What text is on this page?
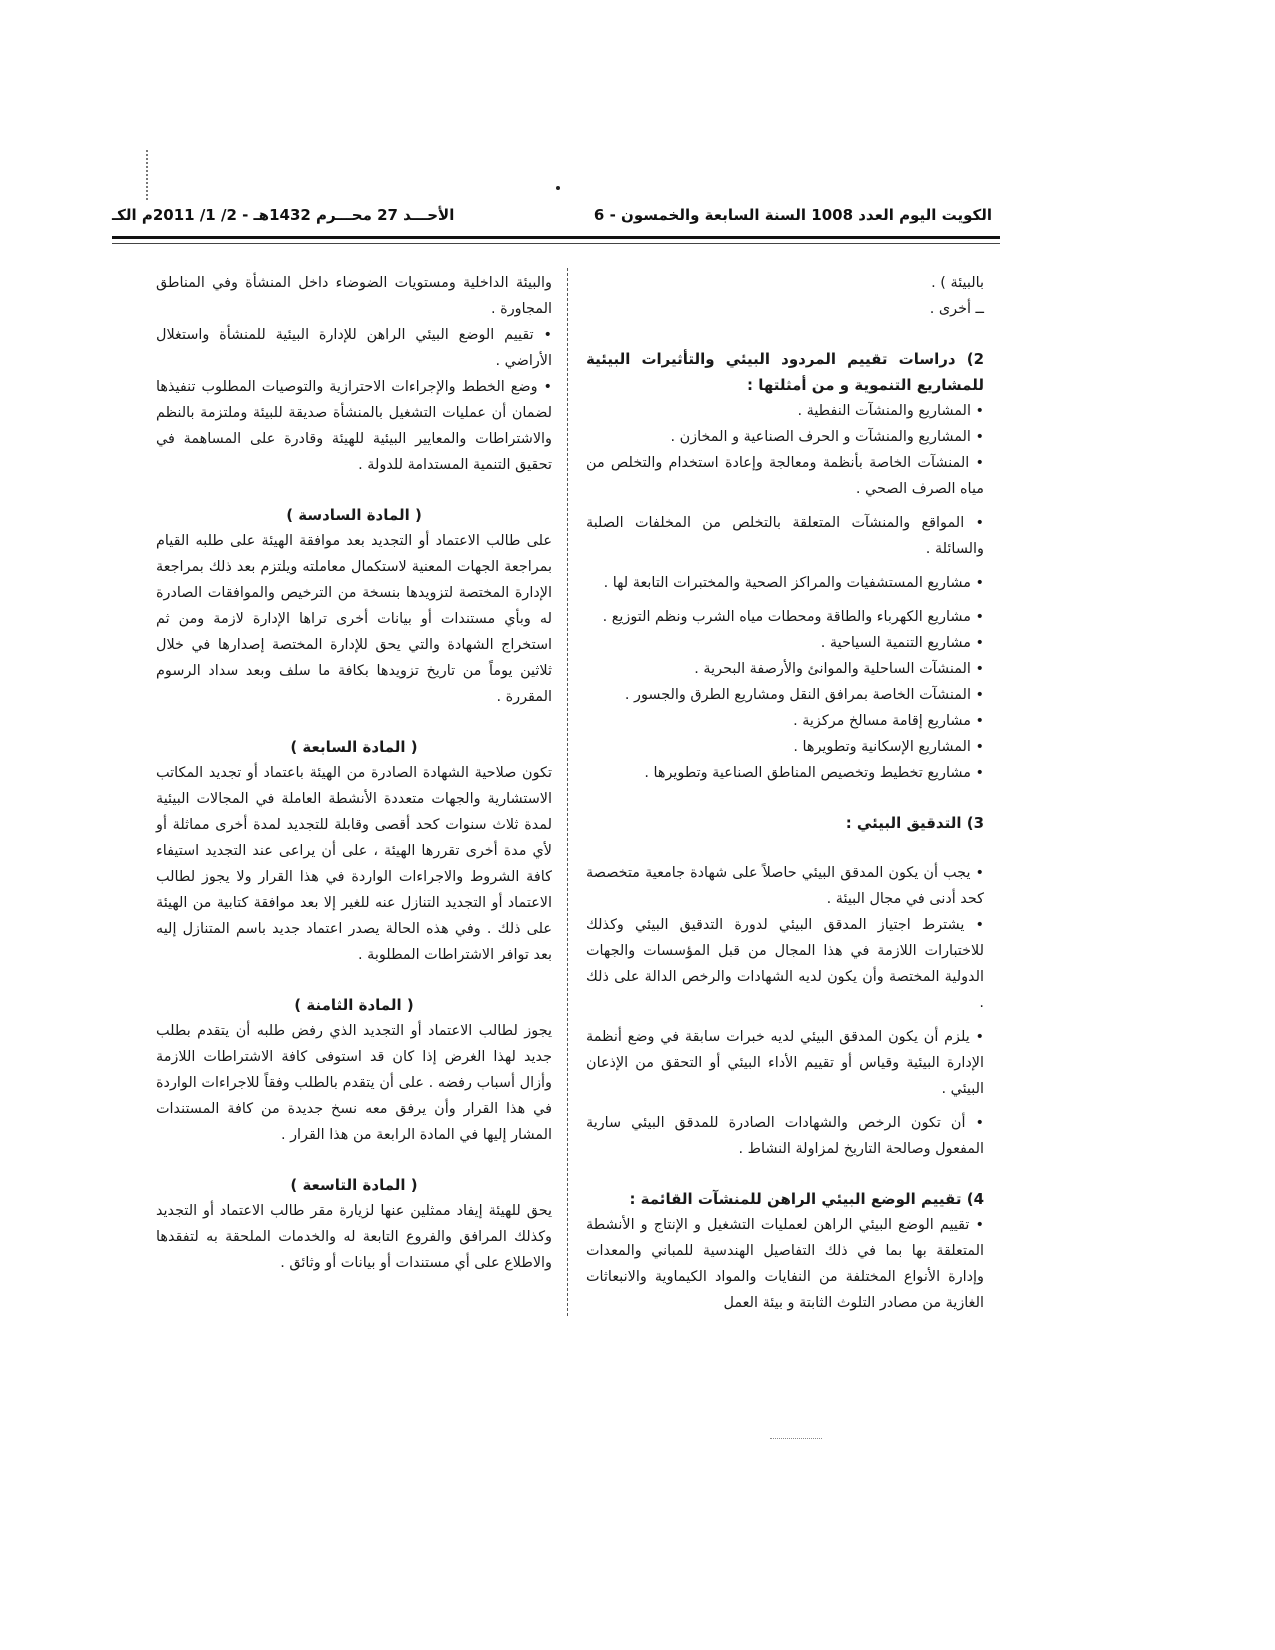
الكويت اليوم العدد 1008 السنة السابعة والخمسون - 6
الأحـــد 27 محـــرم 1432هـ - 2/ 1/ 2011م الكـ

بالبيئة ) .

ــ أخرى .

2) دراسات تقييم المردود البيئي والتأثيرات البيئية للمشاريع التنموية و من أمثلتها :

• المشاريع والمنشآت النفطية .

• المشاريع والمنشآت و الحرف الصناعية و المخازن .

• المنشآت الخاصة بأنظمة ومعالجة وإعادة استخدام والتخلص من مياه الصرف الصحي .

• المواقع والمنشآت المتعلقة بالتخلص من المخلفات الصلبة والسائلة .

• مشاريع المستشفيات والمراكز الصحية والمختبرات التابعة لها .

• مشاريع الكهرباء والطاقة ومحطات مياه الشرب ونظم التوزيع .

• مشاريع التنمية السياحية .

• المنشآت الساحلية والموانئ والأرصفة البحرية .

• المنشآت الخاصة بمرافق النقل ومشاريع الطرق والجسور .

• مشاريع إقامة مسالخ مركزية .

• المشاريع الإسكانية وتطويرها .

• مشاريع تخطيط وتخصيص المناطق الصناعية وتطويرها .

3) التدقيق البيئي :

• يجب أن يكون المدقق البيئي حاصلاً على شهادة جامعية متخصصة كحد أدنى في مجال البيئة .

• يشترط اجتياز المدقق البيئي لدورة التدقيق البيئي وكذلك للاختبارات اللازمة في هذا المجال من قبل المؤسسات والجهات الدولية المختصة وأن يكون لديه الشهادات والرخص الدالة على ذلك .

• يلزم أن يكون المدقق البيئي لديه خبرات سابقة في وضع أنظمة الإدارة البيئية وقياس أو تقييم الأداء البيئي أو التحقق من الإذعان البيئي .

• أن تكون الرخص والشهادات الصادرة للمدقق البيئي سارية المفعول وصالحة التاريخ لمزاولة النشاط .

4) تقييم الوضع البيئي الراهن للمنشآت القائمة :

• تقييم الوضع البيئي الراهن لعمليات التشغيل و الإنتاج و الأنشطة المتعلقة بها بما في ذلك التفاصيل الهندسية للمباني والمعدات وإدارة الأنواع المختلفة من النفايات والمواد الكيماوية والانبعاثات الغازية من مصادر التلوث الثابتة و بيئة العمل

والبيئة الداخلية ومستويات الضوضاء داخل المنشأة وفي المناطق المجاورة .

• تقييم الوضع البيئي الراهن للإدارة البيئية للمنشأة واستغلال الأراضي .

• وضع الخطط والإجراءات الاحترازية والتوصيات المطلوب تنفيذها لضمان أن عمليات التشغيل بالمنشأة صديقة للبيئة وملتزمة بالنظم والاشتراطات والمعايير البيئية للهيئة وقادرة على المساهمة في تحقيق التنمية المستدامة للدولة .

( المادة السادسة )

على طالب الاعتماد أو التجديد بعد موافقة الهيئة على طلبه القيام بمراجعة الجهات المعنية لاستكمال معاملته ويلتزم بعد ذلك بمراجعة الإدارة المختصة لتزويدها بنسخة من الترخيص والموافقات الصادرة له وبأي مستندات أو بيانات أخرى تراها الإدارة لازمة ومن ثم استخراج الشهادة والتي يحق للإدارة المختصة إصدارها في خلال ثلاثين يوماً من تاريخ تزويدها بكافة ما سلف وبعد سداد الرسوم المقررة .

( المادة السابعة )

تكون صلاحية الشهادة الصادرة من الهيئة باعتماد أو تجديد المكاتب الاستشارية والجهات متعددة الأنشطة العاملة في المجالات البيئية لمدة ثلاث سنوات كحد أقصى وقابلة للتجديد لمدة أخرى مماثلة أو لأي مدة أخرى تقررها الهيئة ، على أن يراعى عند التجديد استيفاء كافة الشروط والاجراءات الواردة في هذا القرار ولا يجوز لطالب الاعتماد أو التجديد التنازل عنه للغير إلا بعد موافقة كتابية من الهيئة على ذلك . وفي هذه الحالة يصدر اعتماد جديد باسم المتنازل إليه بعد توافر الاشتراطات المطلوبة .

( المادة الثامنة )

يجوز لطالب الاعتماد أو التجديد الذي رفض طلبه أن يتقدم بطلب جديد لهذا الغرض إذا كان قد استوفى كافة الاشتراطات اللازمة وأزال أسباب رفضه . على أن يتقدم بالطلب وفقاً للاجراءات الواردة في هذا القرار وأن يرفق معه نسخ جديدة من كافة المستندات المشار إليها في المادة الرابعة من هذا القرار .

( المادة التاسعة )

يحق للهيئة إيفاد ممثلين عنها لزيارة مقر طالب الاعتماد أو التجديد وكذلك المرافق والفروع التابعة له والخدمات الملحقة به لتفقدها والاطلاع على أي مستندات أو بيانات أو وثائق .
